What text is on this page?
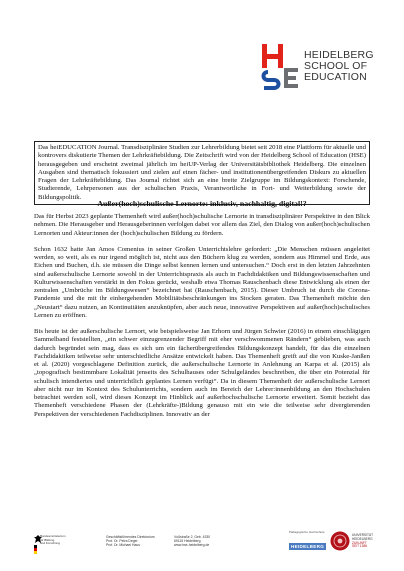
HEIDELBERG
SCHOOL OF
EDUCATION
Das heiEDUCATION Journal. Transdisziplinäre Studien zur Lehrerbildung bietet seit 2018 eine Plattform für aktuelle und kontrovers diskutierte Themen der Lehrkräftebildung. Die Zeitschrift wird von der Heidelberg School of Education (HSE) herausgegeben und erscheint zweimal jährlich im heiUP-Verlag der Universitätsbibliothek Heidelberg. Die einzelnen Ausgaben sind thematisch fokussiert und zielen auf einen fächer- und institutionenübergreifenden Diskurs zu aktuellen Fragen der Lehrkräftebildung. Das Journal richtet sich an eine breite Zielgruppe im Bildungskontext: Forschende, Studierende, Lehrpersonen aus der schulischen Praxis, Verantwortliche in Fort- und Weiterbildung sowie der Bildungspolitik.
Außer(hoch)schulische Lernorte: inklusiv, nachhaltig, digital!?

Das für Herbst 2023 geplante Themenheft wird außer(hoch)schulische Lernorte in transdisziplinärer Perspektive in den Blick nehmen. Die Herausgeber und Herausgeberinnen verfolgen dabei vor allem das Ziel, den Dialog von außer(hoch)schulischen Lernorten und Akteur:innen der (hoch)schulischen Bildung zu fördern.

Schon 1632 hatte Jan Amos Comenius in seiner Großen Unterrichtslehre gefordert: „Die Menschen müssen angeleitet werden, so weit, als es nur irgend möglich ist, nicht aus den Büchern klug zu werden, sondern aus Himmel und Erde, aus Eichen und Buchen, d.h. sie müssen die Dinge selbst kennen lernen und untersuchen.“ Doch erst in den letzten Jahrzehnten sind außerschulische Lernorte sowohl in der Unterrichtspraxis als auch in Fachdidaktiken und Bildungswissenschaften und Kulturwissenschaften verstärkt in den Fokus gerückt, weshalb etwa Thomas Rauschenbach diese Entwicklung als einen der zentralen „Umbrüche im Bildungswesen“ bezeichnet hat (Rauschenbach, 2015). Dieser Umbruch ist durch die Corona-Pandemie und die mit ihr einhergehenden Mobilitätsbeschränkungen ins Stocken geraten. Das Themenheft möchte den „Neustart“ dazu nutzen, an Kontinuitäten anzuknüpfen, aber auch neue, innovative Perspektiven auf außer(hoch)schulisches Lernen zu eröffnen.

Bis heute ist der außerschulische Lernort, wie beispielsweise Jan Erhorn und Jürgen Schwier (2016) in einem einschlägigen Sammelband feststellten, „ein schwer einzugrenzender Begriff mit eher verschwommenen Rändern“ geblieben, was auch dadurch begründet sein mag, dass es sich um ein fächerübergreifendes Bildungskonzept handelt, für das die einzelnen Fachdidaktiken teilweise sehr unterschiedliche Ansätze entwickelt haben. Das Themenheft greift auf die von Kuske-Janßen et al. (2020) vorgeschlagene Definition zurück, die außerschulische Lernorte in Anlehnung an Karpa et al. (2015) als „topografisch bestimmbare Lokalität jenseits des Schulhauses oder Schulgeländes beschreiben, die über ein Potenzial für schulisch intendiertes und unterrichtlich geplantes Lernen verfügt“. Da in diesem Themenheft der außerschulische Lernort aber nicht nur im Kontext des Schulunterrichts, sondern auch im Bereich der Lehrer:innenbildung an den Hochschulen betrachtet werden soll, wird dieses Konzept im Hinblick auf außerhochschulische Lernorte erweitert. Somit bezieht das Themenheft verschiedene Phasen der (Lehrkräfte-)Bildung genauso mit ein wie die teilweise sehr divergierenden Perspektiven der verschiedenen Fachdisziplinen. Innovativ an der

Bundesministerium
für Bildung
und Forschung
Geschäftsführendes Direktorium
Prof. Dr. Petra Deger
Prof. Dr. Michael Haus
Voßstraße 2, Geb. 4330
69115 Heidelberg
www.hse-heidelberg.de
Pädagogische Hochschule
HEIDELBERG
UNIVERSITÄT
HEIDELBERG
ZUKUNFT
SEIT 1386
